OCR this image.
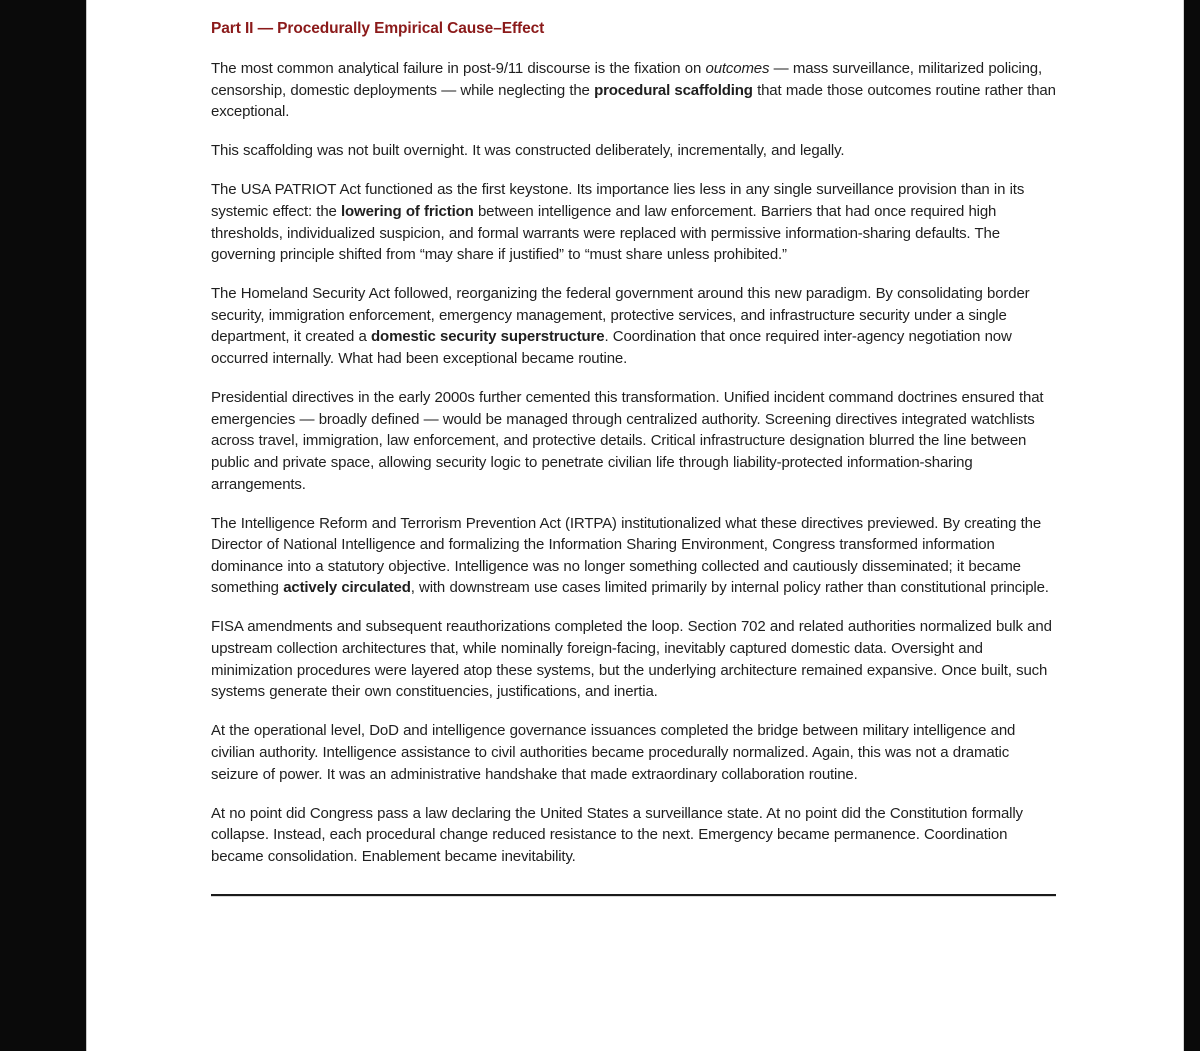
Part II — Procedurally Empirical Cause–Effect

The most common analytical failure in post-9/11 discourse is the fixation on outcomes — mass surveillance, militarized policing, censorship, domestic deployments — while neglecting the procedural scaffolding that made those outcomes routine rather than exceptional.

This scaffolding was not built overnight. It was constructed deliberately, incrementally, and legally.

The USA PATRIOT Act functioned as the first keystone. Its importance lies less in any single surveillance provision than in its systemic effect: the lowering of friction between intelligence and law enforcement. Barriers that had once required high thresholds, individualized suspicion, and formal warrants were replaced with permissive information-sharing defaults. The governing principle shifted from “may share if justified” to “must share unless prohibited.”

The Homeland Security Act followed, reorganizing the federal government around this new paradigm. By consolidating border security, immigration enforcement, emergency management, protective services, and infrastructure security under a single department, it created a domestic security superstructure. Coordination that once required inter-agency negotiation now occurred internally. What had been exceptional became routine.

Presidential directives in the early 2000s further cemented this transformation. Unified incident command doctrines ensured that emergencies — broadly defined — would be managed through centralized authority. Screening directives integrated watchlists across travel, immigration, law enforcement, and protective details. Critical infrastructure designation blurred the line between public and private space, allowing security logic to penetrate civilian life through liability-protected information-sharing arrangements.

The Intelligence Reform and Terrorism Prevention Act (IRTPA) institutionalized what these directives previewed. By creating the Director of National Intelligence and formalizing the Information Sharing Environment, Congress transformed information dominance into a statutory objective. Intelligence was no longer something collected and cautiously disseminated; it became something actively circulated, with downstream use cases limited primarily by internal policy rather than constitutional principle.

FISA amendments and subsequent reauthorizations completed the loop. Section 702 and related authorities normalized bulk and upstream collection architectures that, while nominally foreign-facing, inevitably captured domestic data. Oversight and minimization procedures were layered atop these systems, but the underlying architecture remained expansive. Once built, such systems generate their own constituencies, justifications, and inertia.

At the operational level, DoD and intelligence governance issuances completed the bridge between military intelligence and civilian authority. Intelligence assistance to civil authorities became procedurally normalized. Again, this was not a dramatic seizure of power. It was an administrative handshake that made extraordinary collaboration routine.

At no point did Congress pass a law declaring the United States a surveillance state. At no point did the Constitution formally collapse. Instead, each procedural change reduced resistance to the next. Emergency became permanence. Coordination became consolidation. Enablement became inevitability.
